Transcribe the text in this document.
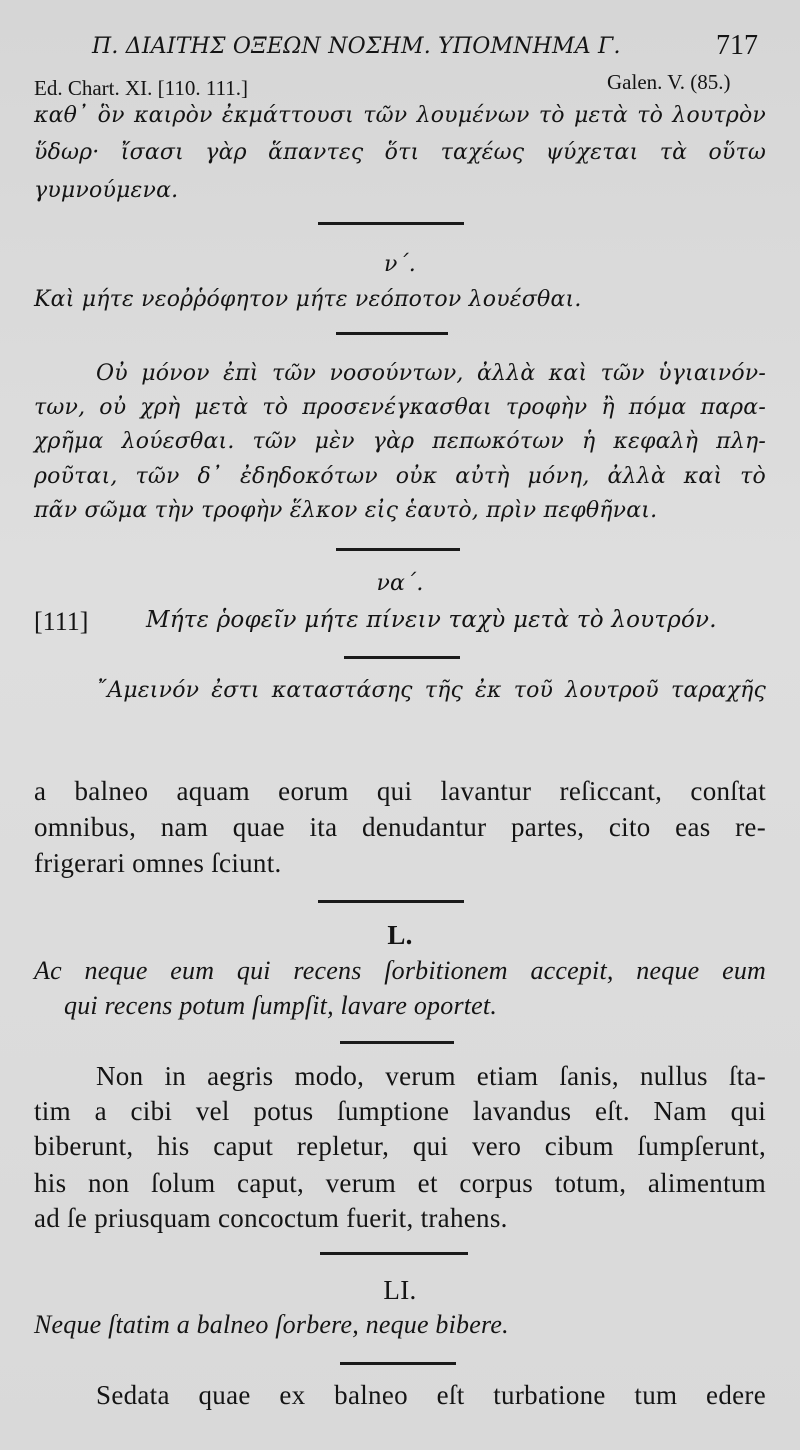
Π. ΔΙΑΙΤΗΣ ΟΞΕΩΝ ΝΟΣΗΜ. ΥΠΟΜΝΗΜΑ Γ.	717

Ed. Chart. XI. [110. 111.]	Galen. V. (85.)

καθ᾿ ὃν καιρὸν ἐκμάττουσι τῶν λουμένων τὸ μετὰ τὸ λουτρὸν

ὕδωρ· ἴσασι γὰρ ἅπαντες ὅτι ταχέως ψύχεται τὰ οὕτω

γυμνούμενα.

ν΄.

Καὶ μήτε νεοῤῥόφητον μήτε νεόποτον λουέσθαι.

Οὐ μόνον ἐπὶ τῶν νοσούντων, ἀλλὰ καὶ τῶν ὑγιαινόν-

των, οὐ χρὴ μετὰ τὸ προσενέγκασθαι τροφὴν ἢ πόμα παρα-

χρῆμα λούεσθαι. τῶν μὲν γὰρ πεπωκότων ἡ κεφαλὴ πλη-

ροῦται, τῶν δ᾿ ἐδηδοκότων οὐκ αὐτὴ μόνη, ἀλλὰ καὶ τὸ

πᾶν σῶμα τὴν τροφὴν ἕλκον εἰς ἑαυτὸ, πρὶν πεφθῆναι.

να΄.

[111]	Μήτε ῥοφεῖν μήτε πίνειν ταχὺ μετὰ τὸ λουτρόν.

῎Αμεινόν ἐστι καταστάσης τῆς ἐκ τοῦ λουτροῦ ταραχῆς

a balneo aquam eorum qui lavantur reſiccant, conſtat

omnibus, nam quae ita denudantur partes, cito eas re-

frigerari omnes ſciunt.

L.

Ac neque eum qui recens ſorbitionem accepit, neque eum

qui recens potum ſumpſit, lavare oportet.

Non in aegris modo, verum etiam ſanis, nullus ſta-

tim a cibi vel potus ſumptione lavandus eſt. Nam qui

biberunt, his caput repletur, qui vero cibum ſumpſerunt,

his non ſolum caput, verum et corpus totum, alimentum

ad ſe priusquam concoctum fuerit, trahens.

LI.

Neque ſtatim a balneo ſorbere, neque bibere.

Sedata quae ex balneo eſt turbatione tum edere
